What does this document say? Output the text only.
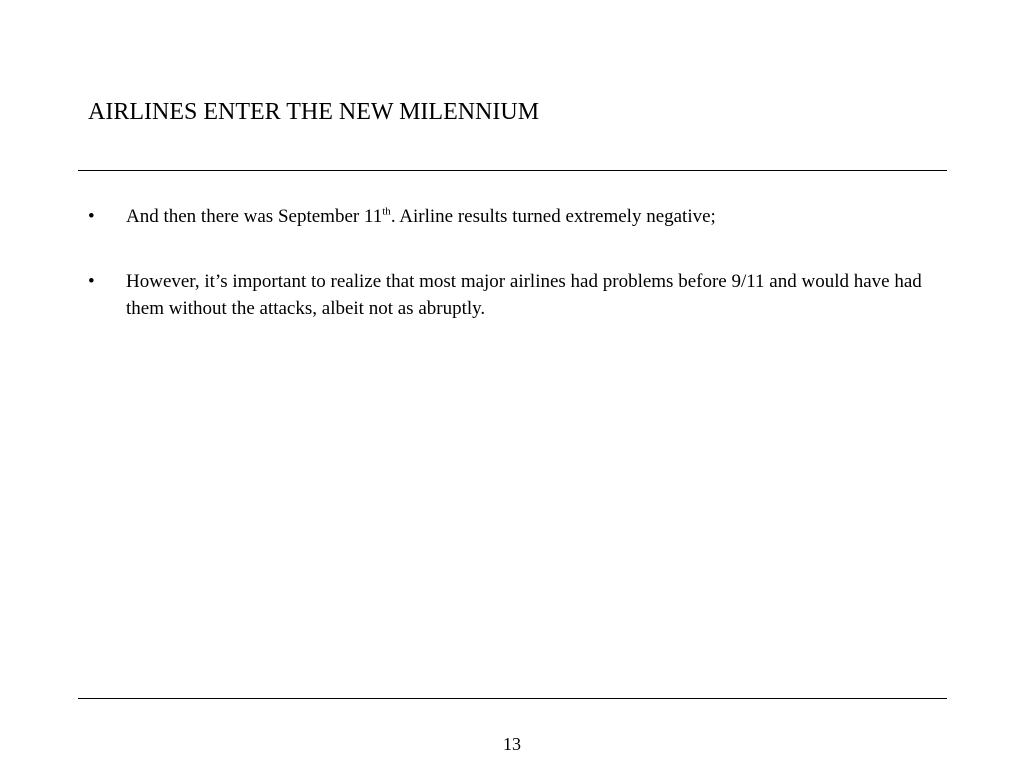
AIRLINES ENTER THE NEW MILENNIUM
•	And then there was September 11th. Airline results turned extremely negative;
•	However, it’s important to realize that most major airlines had problems before 9/11 and would have had them without the attacks, albeit not as abruptly.
13
